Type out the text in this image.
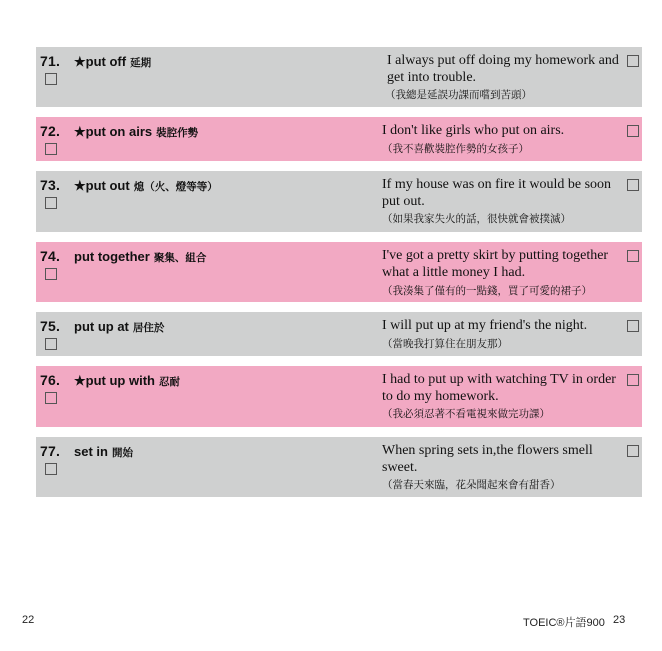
71. ★put off 延期	I always put off doing my homework and get into trouble.
（我總是延誤功課而嚐到苦頭）
72. ★put on airs 裝腔作勢	I don't like girls who put on airs.
（我不喜歡裝腔作勢的女孩子）
73. ★put out 熄（火、燈等等）	If my house was on fire it would be soon put out.
（如果我家失火的話，很快就會被撲滅）
74. put together 聚集、組合	I've got a pretty skirt by putting together what a little money I had.
（我湊集了僅有的一點錢，買了可愛的裙子）
75. put up at 居住於	I will put up at my friend's the night.
（當晚我打算住在朋友那）
76. ★put up with 忍耐	I had to put up with watching TV in order to do my homework.
（我必須忍著不看電視來做完功課）
77. set in 開始	When spring sets in,the flowers smell sweet.
（當春天來臨，花朵聞起來會有甜香）
22	TOEIC®片語900 23
